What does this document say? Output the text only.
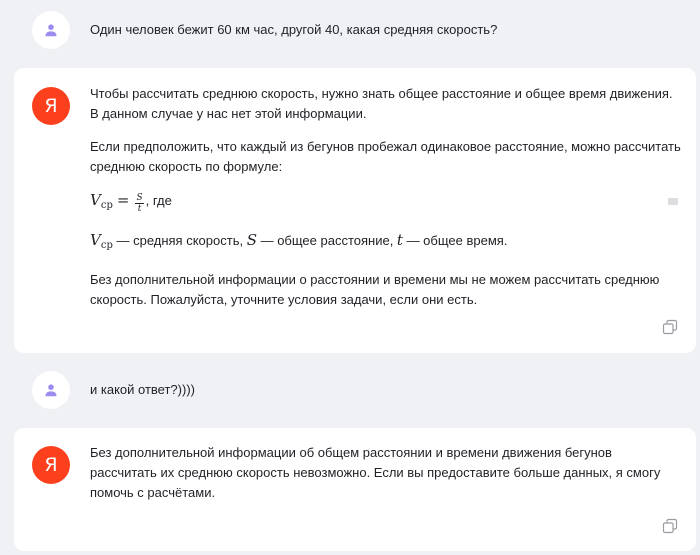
Один человек бежит 60 км час, другой 40, какая средняя скорость?
Я

Чтобы рассчитать среднюю скорость, нужно знать общее расстояние и общее время движения. В данном случае у нас нет этой информации.

Если предположить, что каждый из бегунов пробежал одинаковое расстояние, можно рассчитать среднюю скорость по формуле:

$V_{ср} = \frac{S}{t}$ , где

$V_{ср}$ — средняя скорость, S — общее расстояние, t — общее время.

Без дополнительной информации о расстоянии и времени мы не можем рассчитать среднюю скорость. Пожалуйста, уточните условия задачи, если они есть.

и какой ответ?))))
Я

Без дополнительной информации об общем расстоянии и времени движения бегунов рассчитать их среднюю скорость невозможно. Если вы предоставите больше данных, я смогу помочь с расчётами.
